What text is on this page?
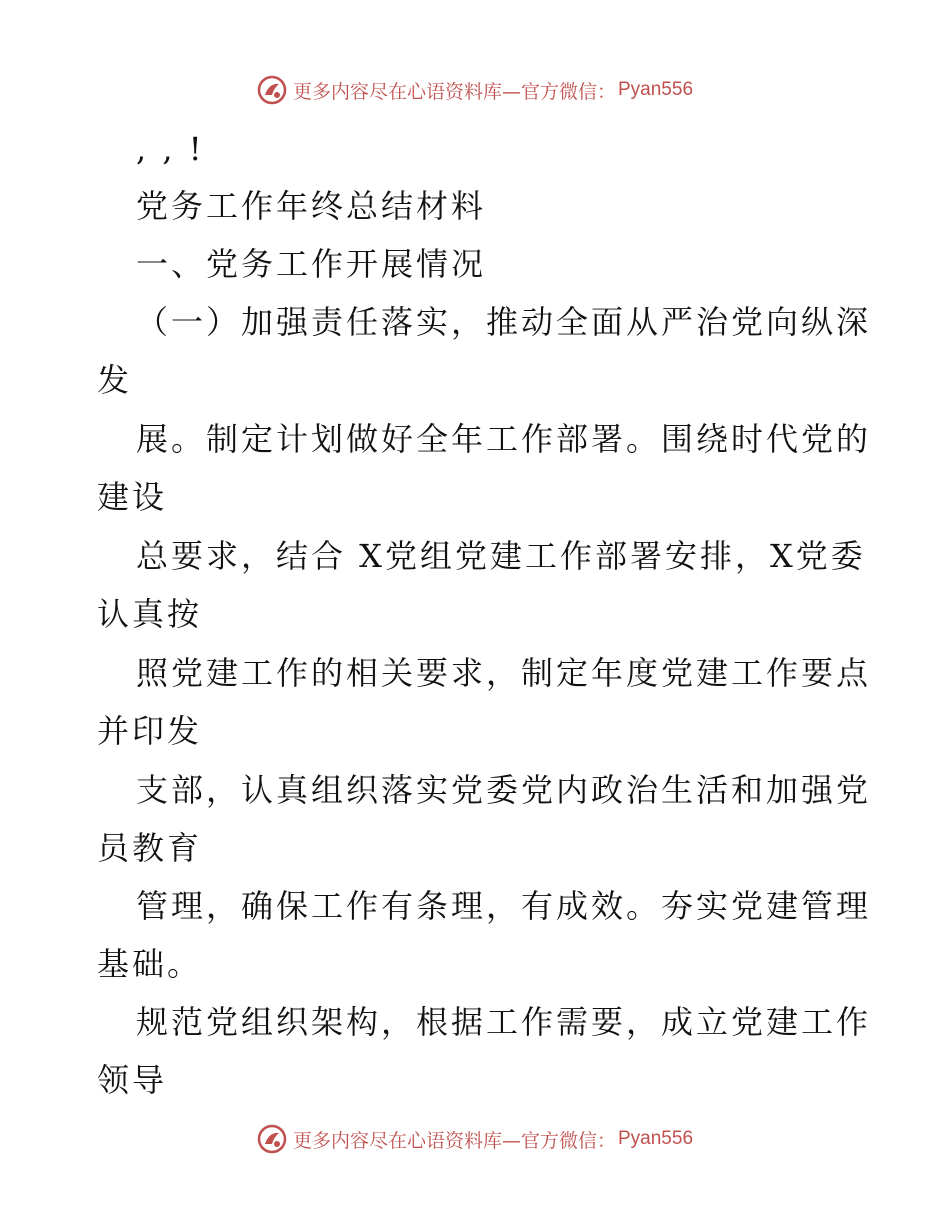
更多内容尽在心语资料库—官方微信： Pyan556
, , !
党务工作年终总结材料
一、党务工作开展情况
（一）加强责任落实，推动全面从严治党向纵深
发
展。制定计划做好全年工作部署。围绕时代党的
建设
总要求，结合 X党组党建工作部署安排，X党委
认真按
照党建工作的相关要求，制定年度党建工作要点
并印发
支部，认真组织落实党委党内政治生活和加强党
员教育
管理，确保工作有条理，有成效。夯实党建管理
基础。
规范党组织架构，根据工作需要，成立党建工作
领导
更多内容尽在心语资料库—官方微信： Pyan556
